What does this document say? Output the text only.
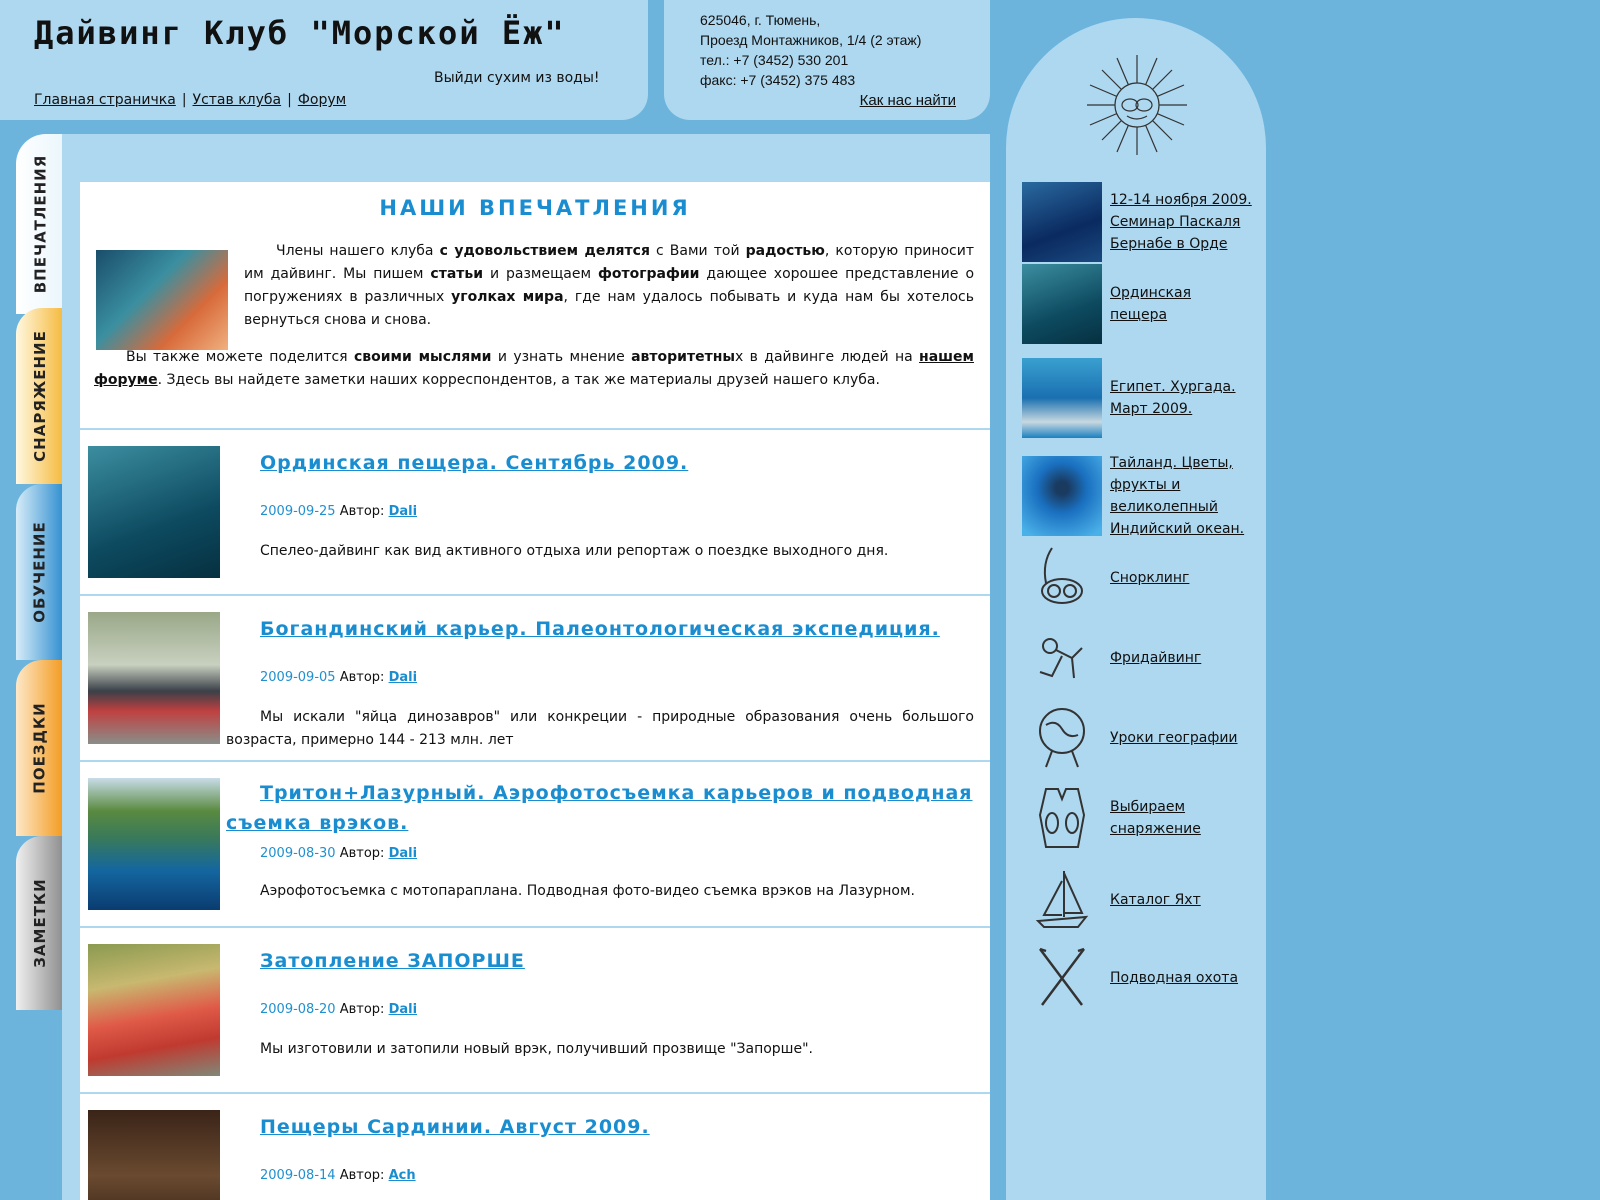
Дайвинг Клуб "Морской Ёж"
Выйди сухим из воды!
Главная страничка | Устав клуба | Форум
625046, г. Тюмень,
Проезд Монтажников, 1/4 (2 этаж)
тел.: +7 (3452) 530 201
факс: +7 (3452) 375 483
Как нас найти
ВПЕЧАТЛЕНИЯ
СНАРЯЖЕНИЕ
ОБУЧЕНИЕ
ПОЕЗДКИ
ЗАМЕТКИ
НАШИ ВПЕЧАТЛЕНИЯ

Члены нашего клуба с удовольствием делятся с Вами той радостью, которую приносит им дайвинг. Мы пишем статьи и размещаем фотографии дающее хорошее представление о погружениях в различных уголках мира, где нам удалось побывать и куда нам бы хотелось вернуться снова и снова.

Вы также можете поделится своими мыслями и узнать мнение авторитетных в дайвинге людей на нашем форуме. Здесь вы найдете заметки наших корреспондентов, а так же материалы друзей нашего клуба.

Ординская пещера. Сентябрь 2009.
2009-09-25 Автор: Dali
Спелео-дайвинг как вид активного отдыха или репортаж о поездке выходного дня.
Богандинский карьер. Палеонтологическая экспедиция.
2009-09-05 Автор: Dali
Мы искали "яйца динозавров" или конкреции - природные образования очень большого возраста, примерно 144 - 213 млн. лет
Тритон+Лазурный. Аэрофотосъемка карьеров и подводная съемка врэков.
2009-08-30 Автор: Dali
Аэрофотосъемка с мотопараплана. Подводная фото-видео съемка врэков на Лазурном.
Затопление ЗАПОРШЕ
2009-08-20 Автор: Dali
Мы изготовили и затопили новый врэк, получивший прозвище "Запорше".
Пещеры Сардинии. Август 2009.
2009-08-14 Автор: Ach
12-14 ноября 2009. Семинар Паскаля Бернабе в Орде
Ординская пещера
Египет. Хургада. Март 2009.
Тайланд. Цветы, фрукты и великолепный Индийский океан.
Снорклинг
Фридайвинг
Уроки географии
Выбираем снаряжение
Каталог Яхт
Подводная охота
